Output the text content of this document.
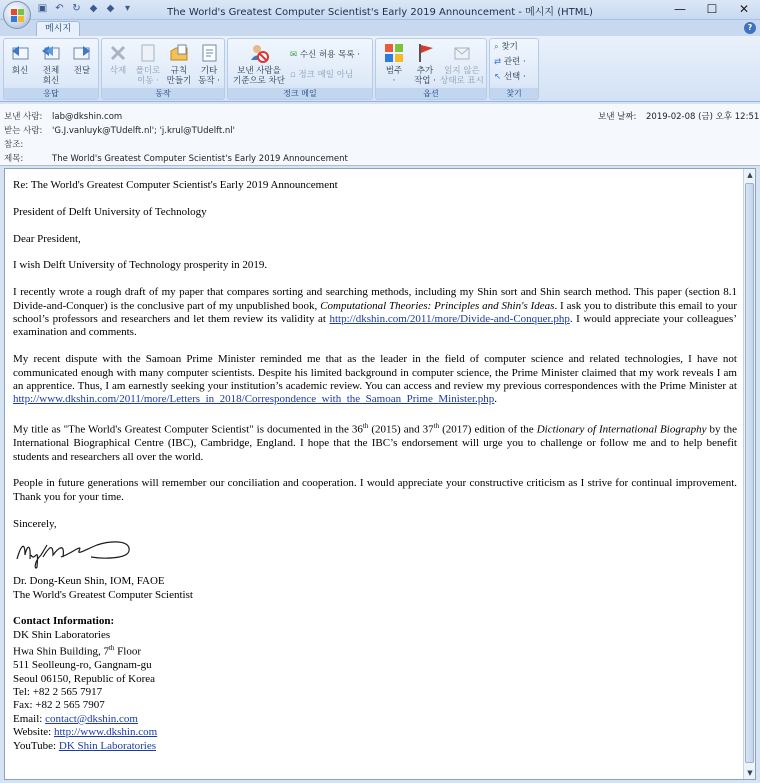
▣ ↶ ↻ ◆ ◆	▾	The World's Greatest Computer Scientist's Early 2019 Announcement - 메시지 (HTML)	—	☐	✕
메시지	?
회신	전체
회신
전달
응답
삭제	폴더로
이동 ·
규칙
만들기
기타
동작 ·
동작
보낸 사람을
기준으로 차단
✉ 수신 허용 목록 ·
▫ 정크 메일 아님
정크 메일
범주
·
추가
작업 ·
읽지 않은
상태로 표시
옵션
⌕ 찾기
⇄ 관련 ·
↖ 선택 ·
찾기
보낸 사람: lab@dkshin.com	보낸 날짜: 2019-02-08 (금) 오후 12:51
받는 사람: 'G.J.vanluyk@TUdelft.nl'; 'j.krul@TUdelft.nl'
참조:
제목:	The World's Greatest Computer Scientist's Early 2019 Announcement

Re: The World's Greatest Computer Scientist's Early 2019 Announcement

President of Delft University of Technology

Dear President,

I wish Delft University of Technology prosperity in 2019.

I recently wrote a rough draft of my paper that compares sorting and searching methods, including my Shin sort and Shin search method. This paper (section 8.1 Divide-and-Conquer) is the conclusive part of my unpublished book, Computational Theories: Principles and Shin's Ideas. I ask you to distribute this email to your school’s professors and researchers and let them review its validity at http://dkshin.com/2011/more/Divide-and-Conquer.php. I would appreciate your colleagues’ examination and comments.

My recent dispute with the Samoan Prime Minister reminded me that as the leader in the field of computer science and related technologies, I have not communicated enough with many computer scientists. Despite his limited background in computer science, the Prime Minister claimed that my work reveals I am an apprentice. Thus, I am earnestly seeking your institution’s academic review. You can access and review my previous correspondences with the Prime Minister at http://www.dkshin.com/2011/more/Letters_in_2018/Correspondence_with_the_Samoan_Prime_Minister.php.

My title as "The World's Greatest Computer Scientist" is documented in the 36th (2015) and 37th (2017) edition of the Dictionary of International Biography by the International Biographical Centre (IBC), Cambridge, England. I hope that the IBC’s endorsement will urge you to challenge or follow me and to help benefit students and researchers all over the world.

People in future generations will remember our conciliation and cooperation. I would appreciate your constructive criticism as I strive for continual improvement. Thank you for your time.

Sincerely,

Dr. Dong-Keun Shin, IOM, FAOE

The World's Greatest Computer Scientist

Contact Information:

DK Shin Laboratories

Hwa Shin Building, 7th Floor

511 Seolleung-ro, Gangnam-gu

Seoul 06150, Republic of Korea

Tel: +82 2 565 7917

Fax: +82 2 565 7907

Email: contact@dkshin.com

Website: http://www.dkshin.com

YouTube: DK Shin Laboratories

▲
▼
